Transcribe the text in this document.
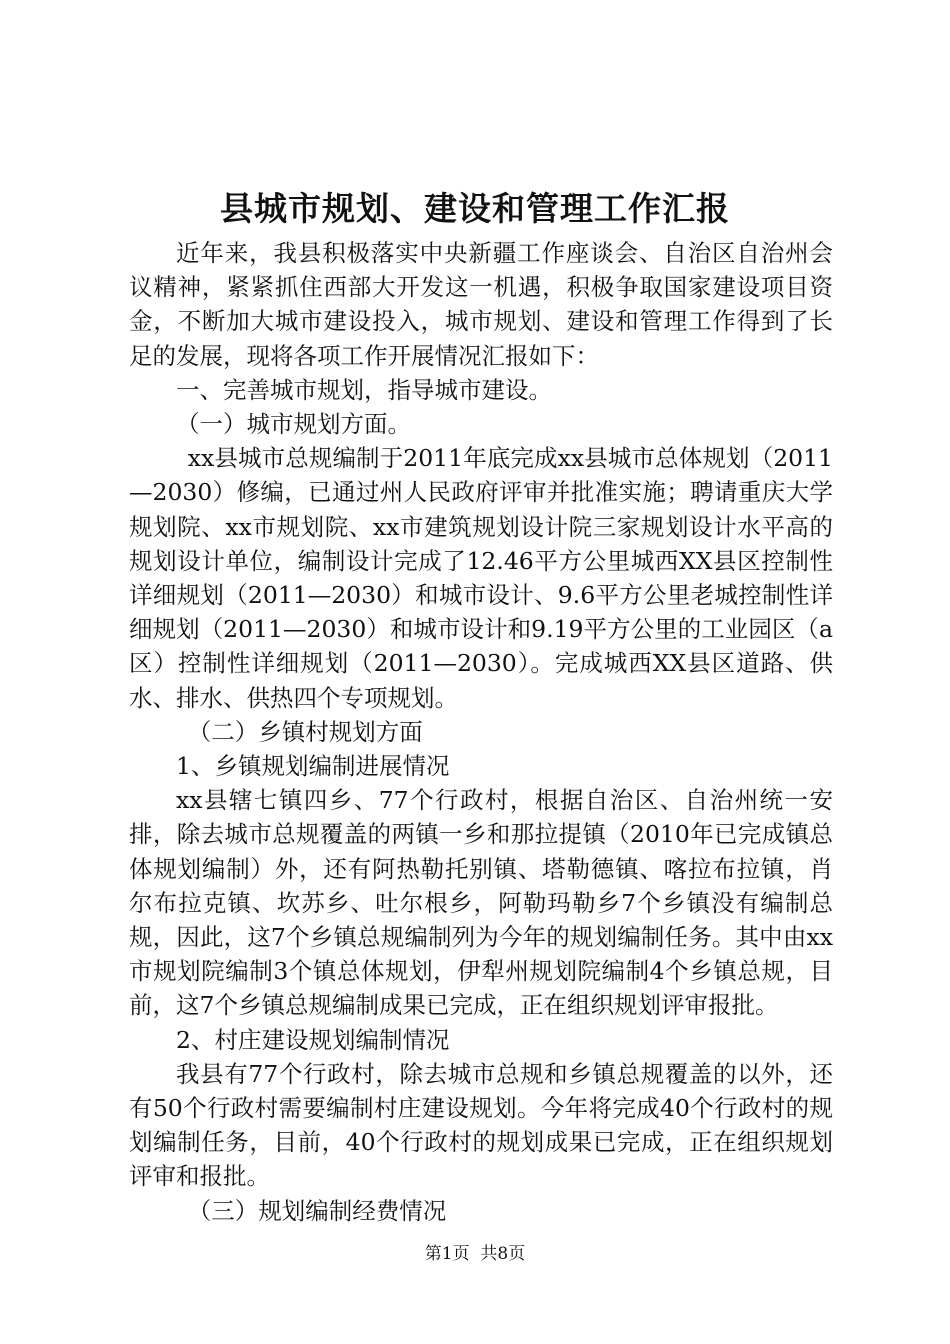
县城市规划、建设和管理工作汇报

近年来，我县积极落实中央新疆工作座谈会、自治区自治州会议精神，紧紧抓住西部大开发这一机遇，积极争取国家建设项目资金，不断加大城市建设投入，城市规划、建设和管理工作得到了长足的发展，现将各项工作开展情况汇报如下：

一、完善城市规划，指导城市建设。

（一）城市规划方面。

xx县城市总规编制于2011年底完成xx县城市总体规划（2011—2030）修编，已通过州人民政府评审并批准实施；聘请重庆大学规划院、xx市规划院、xx市建筑规划设计院三家规划设计水平高的规划设计单位，编制设计完成了12.46平方公里城西XX县区控制性详细规划（2011—2030）和城市设计、9.6平方公里老城控制性详细规划（2011—2030）和城市设计和9.19平方公里的工业园区（a区）控制性详细规划（2011—2030）。完成城西XX县区道路、供水、排水、供热四个专项规划。

（二）乡镇村规划方面

1、乡镇规划编制进展情况

xx县辖七镇四乡、77个行政村，根据自治区、自治州统一安排，除去城市总规覆盖的两镇一乡和那拉提镇（2010年已完成镇总体规划编制）外，还有阿热勒托别镇、塔勒德镇、喀拉布拉镇，肖尔布拉克镇、坎苏乡、吐尔根乡，阿勒玛勒乡7个乡镇没有编制总规，因此，这7个乡镇总规编制列为今年的规划编制任务。其中由xx市规划院编制3个镇总体规划，伊犁州规划院编制4个乡镇总规，目前，这7个乡镇总规编制成果已完成，正在组织规划评审报批。

2、村庄建设规划编制情况

我县有77个行政村，除去城市总规和乡镇总规覆盖的以外，还有50个行政村需要编制村庄建设规划。今年将完成40个行政村的规划编制任务，目前，40个行政村的规划成果已完成，正在组织规划评审和报批。

（三）规划编制经费情况

第1页  共8页
